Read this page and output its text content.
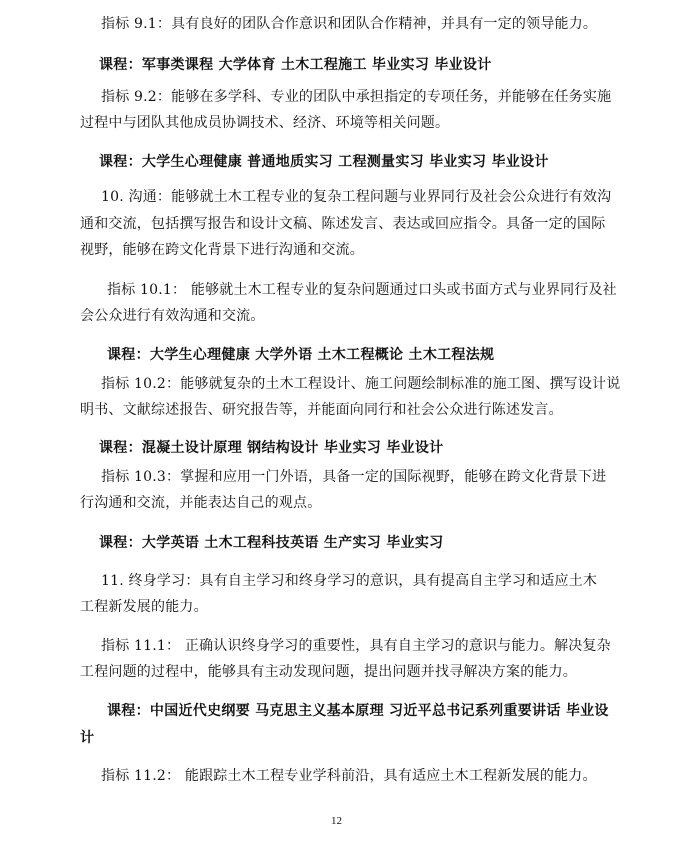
指标 9.1：具有良好的团队合作意识和团队合作精神，并具有一定的领导能力。
课程：军事类课程 大学体育 土木工程施工 毕业实习 毕业设计
指标 9.2：能够在多学科、专业的团队中承担指定的专项任务，并能够在任务实施
过程中与团队其他成员协调技术、经济、环境等相关问题。
课程：大学生心理健康 普通地质实习 工程测量实习 毕业实习 毕业设计
10. 沟通：能够就土木工程专业的复杂工程问题与业界同行及社会公众进行有效沟
通和交流，包括撰写报告和设计文稿、陈述发言、表达或回应指令。具备一定的国际
视野，能够在跨文化背景下进行沟通和交流。
指标 10.1： 能够就土木工程专业的复杂问题通过口头或书面方式与业界同行及社
会公众进行有效沟通和交流。
课程：大学生心理健康 大学外语 土木工程概论 土木工程法规
指标 10.2：能够就复杂的土木工程设计、施工问题绘制标准的施工图、撰写设计说
明书、文献综述报告、研究报告等，并能面向同行和社会公众进行陈述发言。
课程：混凝土设计原理 钢结构设计 毕业实习 毕业设计
指标 10.3：掌握和应用一门外语，具备一定的国际视野，能够在跨文化背景下进
行沟通和交流，并能表达自己的观点。
课程：大学英语 土木工程科技英语 生产实习 毕业实习
11. 终身学习：具有自主学习和终身学习的意识，具有提高自主学习和适应土木
工程新发展的能力。
指标 11.1： 正确认识终身学习的重要性，具有自主学习的意识与能力。解决复杂
工程问题的过程中，能够具有主动发现问题，提出问题并找寻解决方案的能力。
课程：中国近代史纲要 马克思主义基本原理 习近平总书记系列重要讲话 毕业设
计
指标 11.2： 能跟踪土木工程专业学科前沿，具有适应土木工程新发展的能力。
12
